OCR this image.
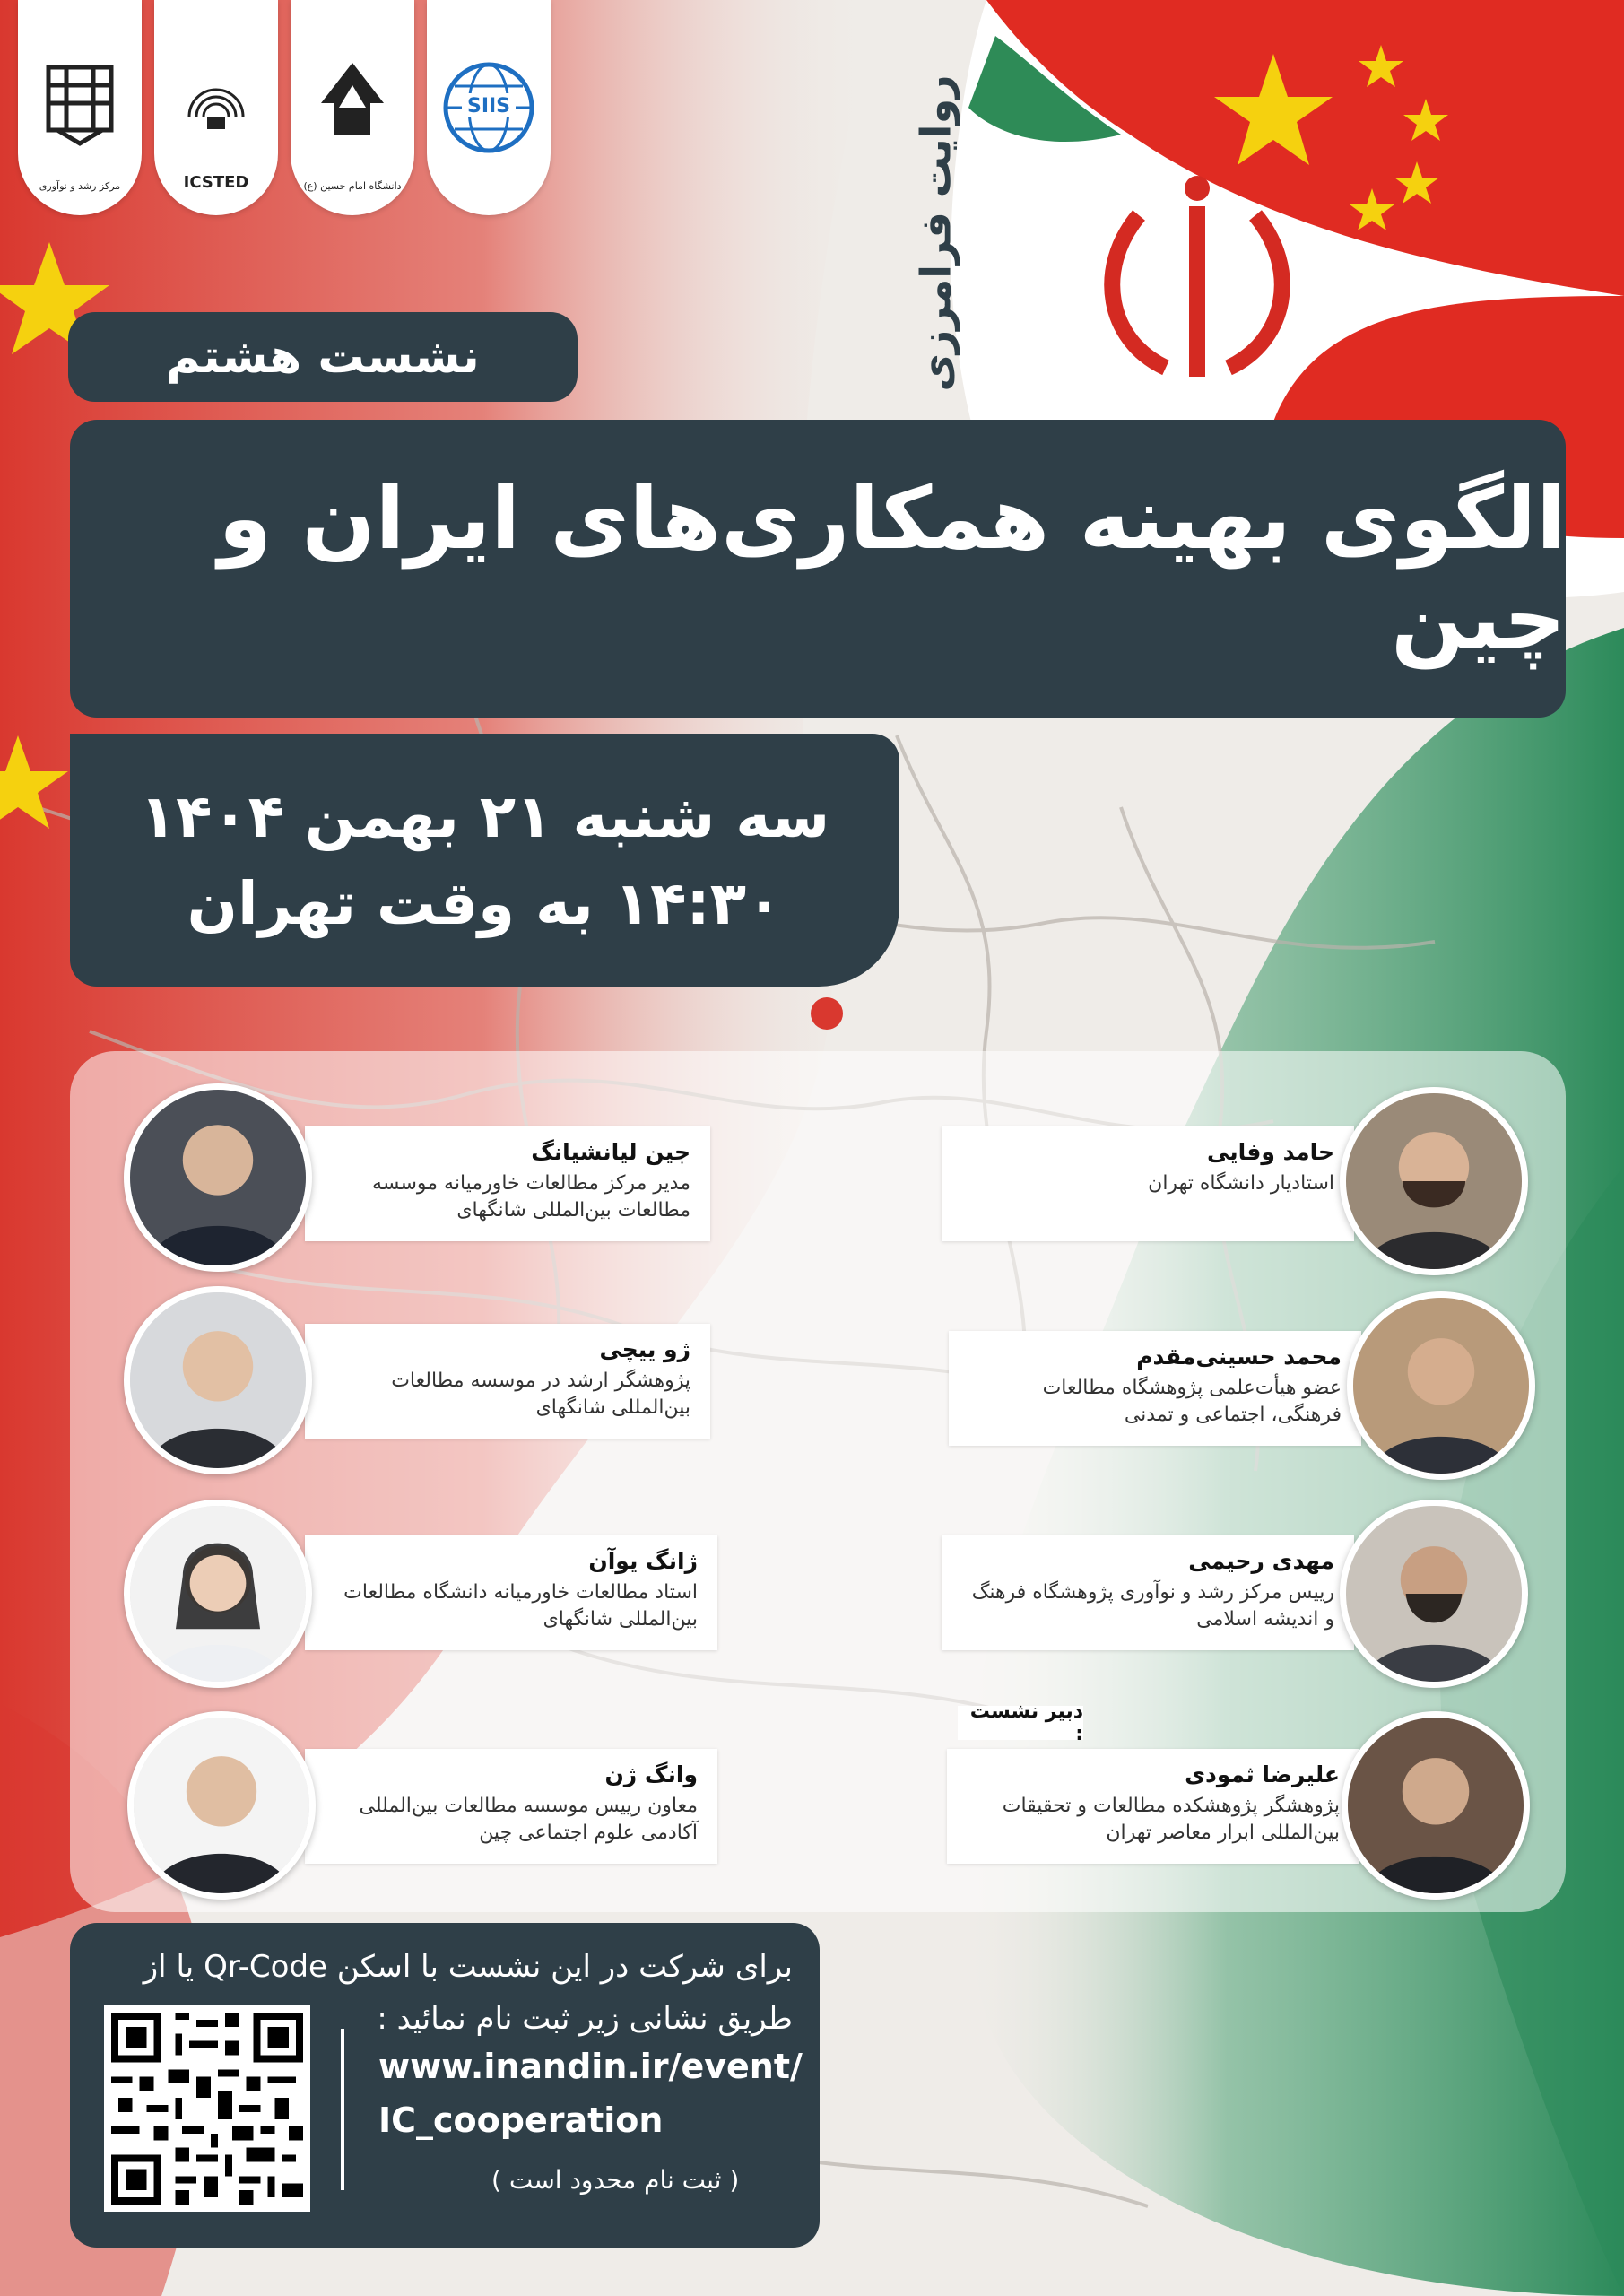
مرکز رشد و نوآوری	ICSTED	دانشگاه امام حسین (ع)
SIIS	روایت فرامرزی
نشست هشتم
الگوی بهینه همکاری‌های ایران و چین
سه شنبه ۲۱ بهمن ۱۴۰۴
۱۴:۳۰ به وقت تهران
جین لیانشیانگ
مدیر مرکز مطالعات خاورمیانه موسسه مطالعات بین‌المللی شانگهای
ژو ییچی
پژوهشگر ارشد در موسسه مطالعات بین‌المللی شانگهای
ژانگ یوآن
استاد مطالعات خاورمیانه دانشگاه مطالعات بین‌المللی شانگهای
وانگ ژن
معاون رییس موسسه مطالعات بین‌المللی آکادمی علوم اجتماعی چین
حامد وفایی
استادیار دانشگاه تهران
محمد حسینی‌مقدم
عضو هیأت‌علمی پژوهشگاه مطالعات فرهنگی، اجتماعی و تمدنی
مهدی رحیمی
رییس مرکز رشد و نوآوری پژوهشگاه فرهنگ و اندیشه اسلامی
دبیر نشست :
علیرضا ثمودی
پژوهشگر پژوهشکده مطالعات و تحقیقات بین‌المللی ابرار معاصر تهران
برای شرکت در این نشست با اسکن Qr-Code یا از طریق نشانی زیر ثبت نام نمائید :
www.inandin.ir/event/
IC_cooperation
( ثبت نام محدود است )
